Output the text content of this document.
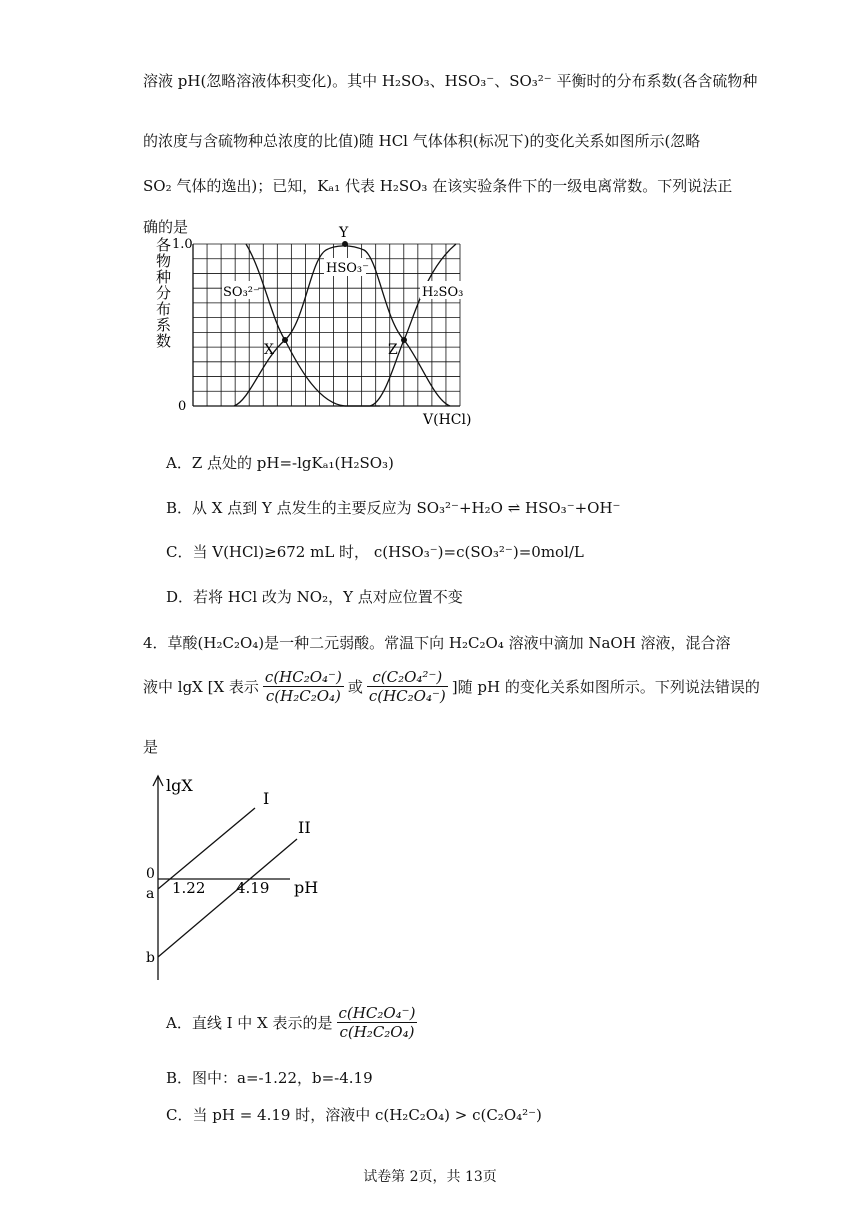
溶液 pH(忽略溶液体积变化)。其中 H₂SO₃、HSO₃⁻、SO₃²⁻ 平衡时的分布系数(各含硫物种
的浓度与含硫物种总浓度的比值)随 HCl 气体体积(标况下)的变化关系如图所示(忽略
SO₂ 气体的逸出)；已知，Kₐ₁ 代表 H₂SO₃ 在该实验条件下的一级电离常数。下列说法正
确的是
各
物
种
分
布
系
数
1.0
0
X
Y
Z
SO₃²⁻
HSO₃⁻
H₂SO₃
V(HCl)
A．Z 点处的 pH=-lgKₐ₁(H₂SO₃)
B．从 X 点到 Y 点发生的主要反应为 SO₃²⁻+H₂O ⇌ HSO₃⁻+OH⁻
C．当 V(HCl)≥672 mL 时， c(HSO₃⁻)=c(SO₃²⁻)=0mol/L
D．若将 HCl 改为 NO₂，Y 点对应位置不变
4．草酸(H₂C₂O₄)是一种二元弱酸。常温下向 H₂C₂O₄ 溶液中滴加 NaOH 溶液，混合溶
液中 lgX [X 表示 $\frac{\text{c(HC₂O₄⁻)}}{\text{c(H₂C₂O₄)}}$ 或 $\frac{\text{c(C₂O₄²⁻)}}{\text{c(HC₂O₄⁻)}}$ ]随 pH 的变化关系如图所示。下列说法错误的
是
lgX
0
a
b
1.22 4.19 pH
I
II
A．直线 I 中 X 表示的是 $\frac{\text{c(HC₂O₄⁻)}}{\text{c(H₂C₂O₄)}}$
B．图中：a=-1.22，b=-4.19
C．当 pH = 4.19 时，溶液中 c(H₂C₂O₄) > c(C₂O₄²⁻)
试卷第 2页，共 13页
